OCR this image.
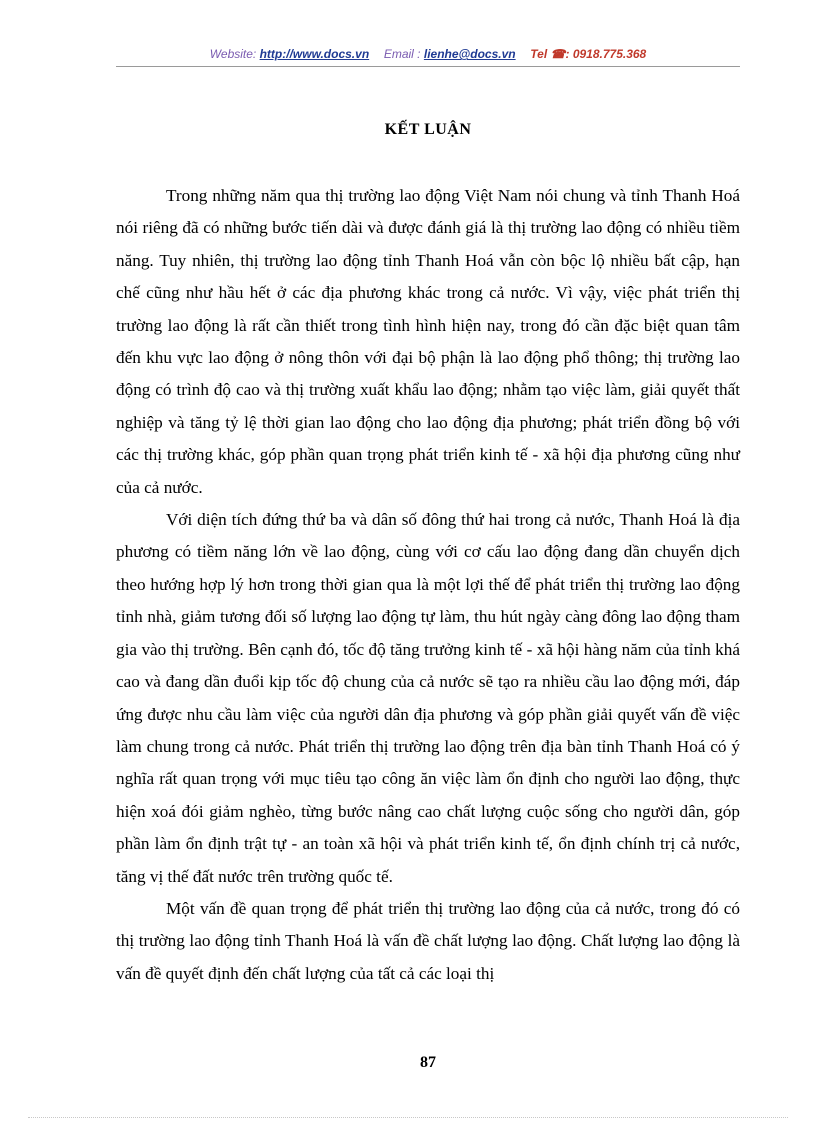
Website: http://www.docs.vn Email : lienhe@docs.vn Tel ☎: 0918.775.368
KẾT LUẬN

Trong những năm qua thị trường lao động Việt Nam nói chung và tỉnh Thanh Hoá nói riêng đã có những bước tiến dài và được đánh giá là thị trường lao động có nhiều tiềm năng. Tuy nhiên, thị trường lao động tỉnh Thanh Hoá vẫn còn bộc lộ nhiều bất cập, hạn chế cũng như hầu hết ở các địa phương khác trong cả nước. Vì vậy, việc phát triển thị trường lao động là rất cần thiết trong tình hình hiện nay, trong đó cần đặc biệt quan tâm đến khu vực lao động ở nông thôn với đại bộ phận là lao động phổ thông; thị trường lao động có trình độ cao và thị trường xuất khẩu lao động; nhằm tạo việc làm, giải quyết thất nghiệp và tăng tỷ lệ thời gian lao động cho lao động địa phương; phát triển đồng bộ với các thị trường khác, góp phần quan trọng phát triển kinh tế - xã hội địa phương cũng như của cả nước.

Với diện tích đứng thứ ba và dân số đông thứ hai trong cả nước, Thanh Hoá là địa phương có tiềm năng lớn về lao động, cùng với cơ cấu lao động đang dần chuyển dịch theo hướng hợp lý hơn trong thời gian qua là một lợi thế để phát triển thị trường lao động tỉnh nhà, giảm tương đối số lượng lao động tự làm, thu hút ngày càng đông lao động tham gia vào thị trường. Bên cạnh đó, tốc độ tăng trưởng kinh tế - xã hội hàng năm của tỉnh khá cao và đang dần đuổi kịp tốc độ chung của cả nước sẽ tạo ra nhiều cầu lao động mới, đáp ứng được nhu cầu làm việc của người dân địa phương và góp phần giải quyết vấn đề việc làm chung trong cả nước. Phát triển thị trường lao động trên địa bàn tỉnh Thanh Hoá có ý nghĩa rất quan trọng với mục tiêu tạo công ăn việc làm ổn định cho người lao động, thực hiện xoá đói giảm nghèo, từng bước nâng cao chất lượng cuộc sống cho người dân, góp phần làm ổn định trật tự - an toàn xã hội và phát triển kinh tế, ổn định chính trị cả nước, tăng vị thế đất nước trên trường quốc tế.

Một vấn đề quan trọng để phát triển thị trường lao động của cả nước, trong đó có thị trường lao động tỉnh Thanh Hoá là vấn đề chất lượng lao động. Chất lượng lao động là vấn đề quyết định đến chất lượng của tất cả các loại thị

87
